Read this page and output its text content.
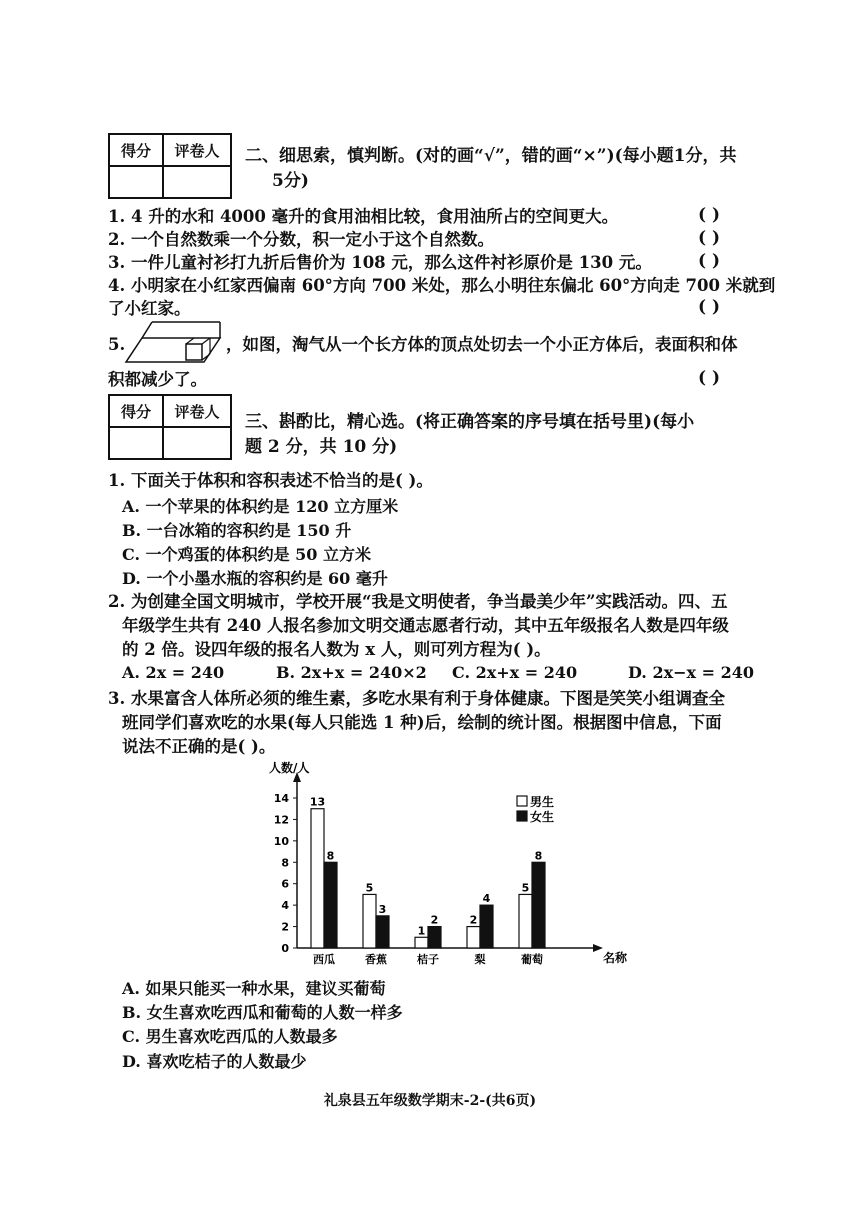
得分	评卷人
	二、细思索，慎判断。(对的画“√”，错的画“×”)(每小题1分，共
5分)
1. 4 升的水和 4000 毫升的食用油相比较，食用油所占的空间更大。	( )
2. 一个自然数乘一个分数，积一定小于这个自然数。	( )
3. 一件儿童衬衫打九折后售价为 108 元，那么这件衬衫原价是 130 元。	( )
4. 小明家在小红家西偏南 60°方向 700 米处，那么小明往东偏北 60°方向走 700 米就到
了小红家。	( )
5.	，如图，淘气从一个长方体的顶点处切去一个小正方体后，表面积和体
积都减少了。	( )
得分	评卷人

三、斟酌比，精心选。(将正确答案的序号填在括号里)(每小
题 2 分，共 10 分)
1. 下面关于体积和容积表述不恰当的是( )。
A. 一个苹果的体积约是 120 立方厘米
B. 一台冰箱的容积约是 150 升
C. 一个鸡蛋的体积约是 50 立方米
D. 一个小墨水瓶的容积约是 60 毫升
2. 为创建全国文明城市，学校开展“我是文明使者，争当最美少年”实践活动。四、五
年级学生共有 240 人报名参加文明交通志愿者行动，其中五年级报名人数是四年级
的 2 倍。设四年级的报名人数为 x 人，则可列方程为( )。
A. 2x = 240	B. 2x+x = 240×2 C. 2x+x = 240	D. 2x−x = 240
3. 水果富含人体所必须的维生素，多吃水果有利于身体健康。下图是笑笑小组调查全
班同学们喜欢吃的水果(每人只能选 1 种)后，绘制的统计图。根据图中信息，下面
说法不正确的是( )。
人数/人
名称
0
2
4
6
8
10
12
14 13
8
西瓜
5
3
香蕉
1
2
桔子
2
4
梨
5
8
葡萄
男生
女生
A. 如果只能买一种水果，建议买葡萄
B. 女生喜欢吃西瓜和葡萄的人数一样多
C. 男生喜欢吃西瓜的人数最多
D. 喜欢吃桔子的人数最少
礼泉县五年级数学期末-2-(共6页)
